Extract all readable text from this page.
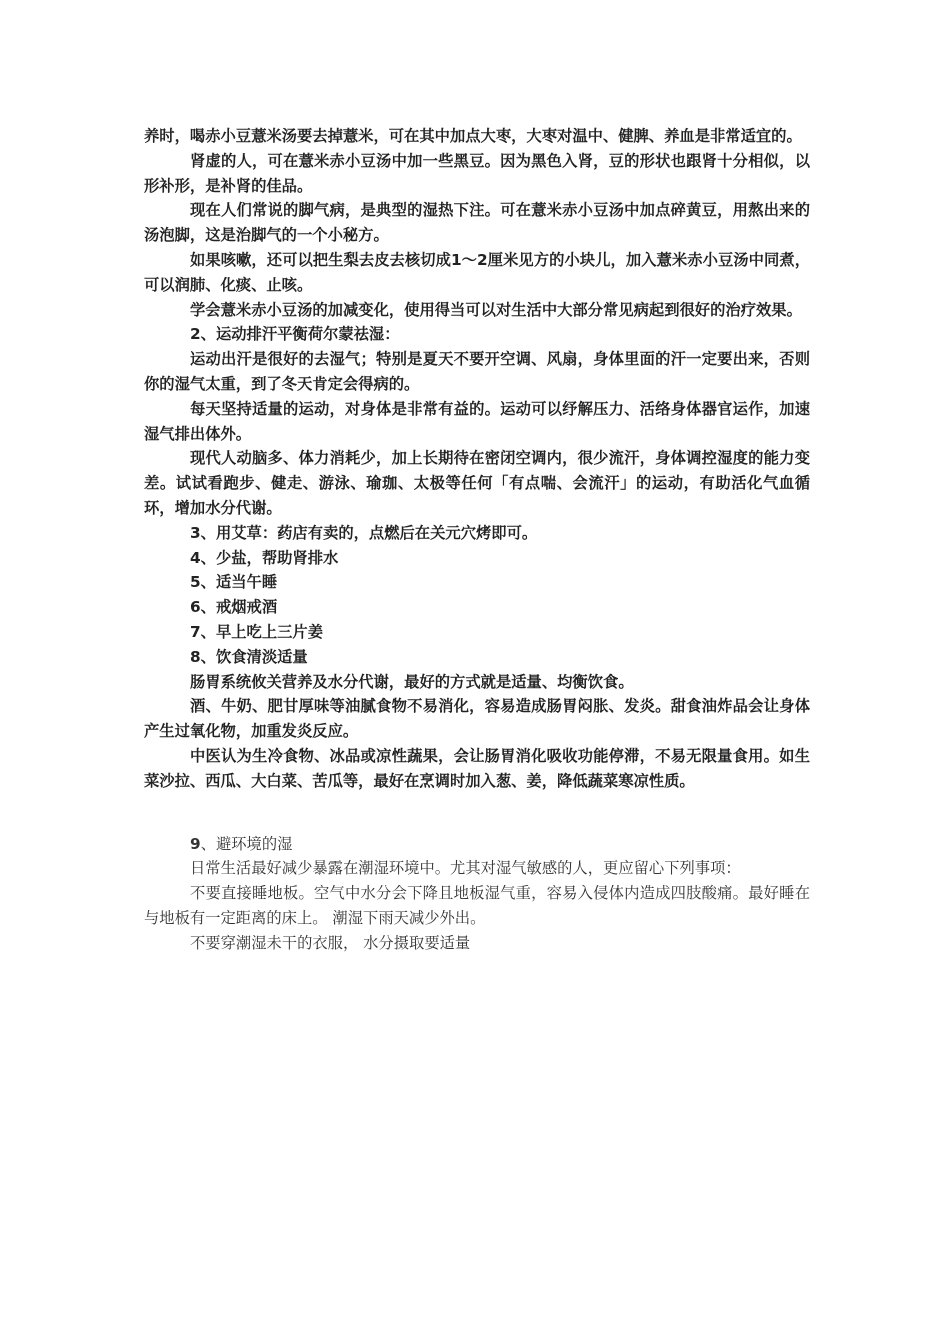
养时，喝赤小豆薏米汤要去掉薏米，可在其中加点大枣，大枣对温中、健脾、养血是非常适宜的。

肾虚的人，可在薏米赤小豆汤中加一些黑豆。因为黑色入肾，豆的形状也跟肾十分相似，以形补形，是补肾的佳品。

现在人们常说的脚气病，是典型的湿热下注。可在薏米赤小豆汤中加点碎黄豆，用熬出来的汤泡脚，这是治脚气的一个小秘方。

如果咳嗽，还可以把生梨去皮去核切成1～2厘米见方的小块儿，加入薏米赤小豆汤中同煮，可以润肺、化痰、止咳。

学会薏米赤小豆汤的加减变化，使用得当可以对生活中大部分常见病起到很好的治疗效果。

2、运动排汗平衡荷尔蒙祛湿：

运动出汗是很好的去湿气；特别是夏天不要开空调、风扇，身体里面的汗一定要出来，否则你的湿气太重，到了冬天肯定会得病的。

每天坚持适量的运动，对身体是非常有益的。运动可以纾解压力、活络身体器官运作，加速湿气排出体外。

现代人动脑多、体力消耗少，加上长期待在密闭空调内，很少流汗，身体调控湿度的能力变差。试试看跑步、健走、游泳、瑜珈、太极等任何「有点喘、会流汗」的运动，有助活化气血循环，增加水分代谢。

3、用艾草：药店有卖的，点燃后在关元穴烤即可。

4、少盐，帮助肾排水

5、适当午睡

6、戒烟戒酒

7、早上吃上三片姜

8、饮食清淡适量

肠胃系统攸关营养及水分代谢，最好的方式就是适量、均衡饮食。

酒、牛奶、肥甘厚味等油腻食物不易消化，容易造成肠胃闷胀、发炎。甜食油炸品会让身体产生过氧化物，加重发炎反应。

中医认为生冷食物、冰品或凉性蔬果，会让肠胃消化吸收功能停滞，不易无限量食用。如生菜沙拉、西瓜、大白菜、苦瓜等，最好在烹调时加入葱、姜，降低蔬菜寒凉性质。

9、避环境的湿

日常生活最好减少暴露在潮湿环境中。尤其对湿气敏感的人，更应留心下列事项：

不要直接睡地板。空气中水分会下降且地板湿气重，容易入侵体内造成四肢酸痛。最好睡在与地板有一定距离的床上。 潮湿下雨天减少外出。

不要穿潮湿未干的衣服， 水分摄取要适量
